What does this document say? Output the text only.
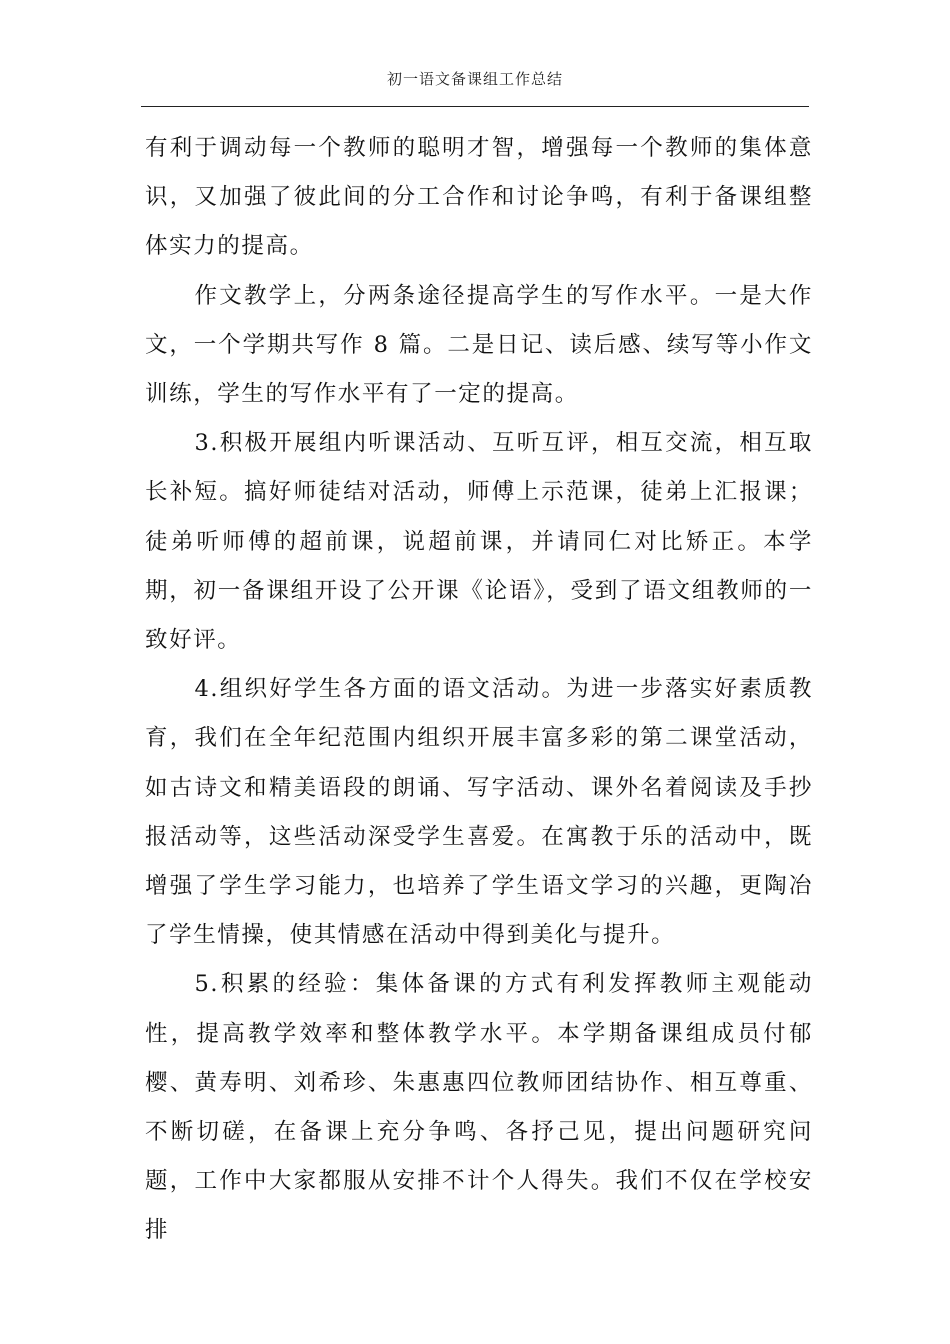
初一语文备课组工作总结

有利于调动每一个教师的聪明才智，增强每一个教师的集体意识，又加强了彼此间的分工合作和讨论争鸣，有利于备课组整体实力的提高。

作文教学上，分两条途径提高学生的写作水平。一是大作文，一个学期共写作 8 篇。二是日记、读后感、续写等小作文训练，学生的写作水平有了一定的提高。

3.积极开展组内听课活动、互听互评，相互交流，相互取长补短。搞好师徒结对活动，师傅上示范课，徒弟上汇报课；徒弟听师傅的超前课，说超前课，并请同仁对比矫正。本学期，初一备课组开设了公开课《论语》，受到了语文组教师的一致好评。

4.组织好学生各方面的语文活动。为进一步落实好素质教育，我们在全年纪范围内组织开展丰富多彩的第二课堂活动，如古诗文和精美语段的朗诵、写字活动、课外名着阅读及手抄报活动等，这些活动深受学生喜爱。在寓教于乐的活动中，既增强了学生学习能力，也培养了学生语文学习的兴趣，更陶冶了学生情操，使其情感在活动中得到美化与提升。

5.积累的经验：集体备课的方式有利发挥教师主观能动性，提高教学效率和整体教学水平。本学期备课组成员付郁樱、黄寿明、刘希珍、朱惠惠四位教师团结协作、相互尊重、不断切磋，在备课上充分争鸣、各抒己见，提出问题研究问题，工作中大家都服从安排不计个人得失。我们不仅在学校安排
